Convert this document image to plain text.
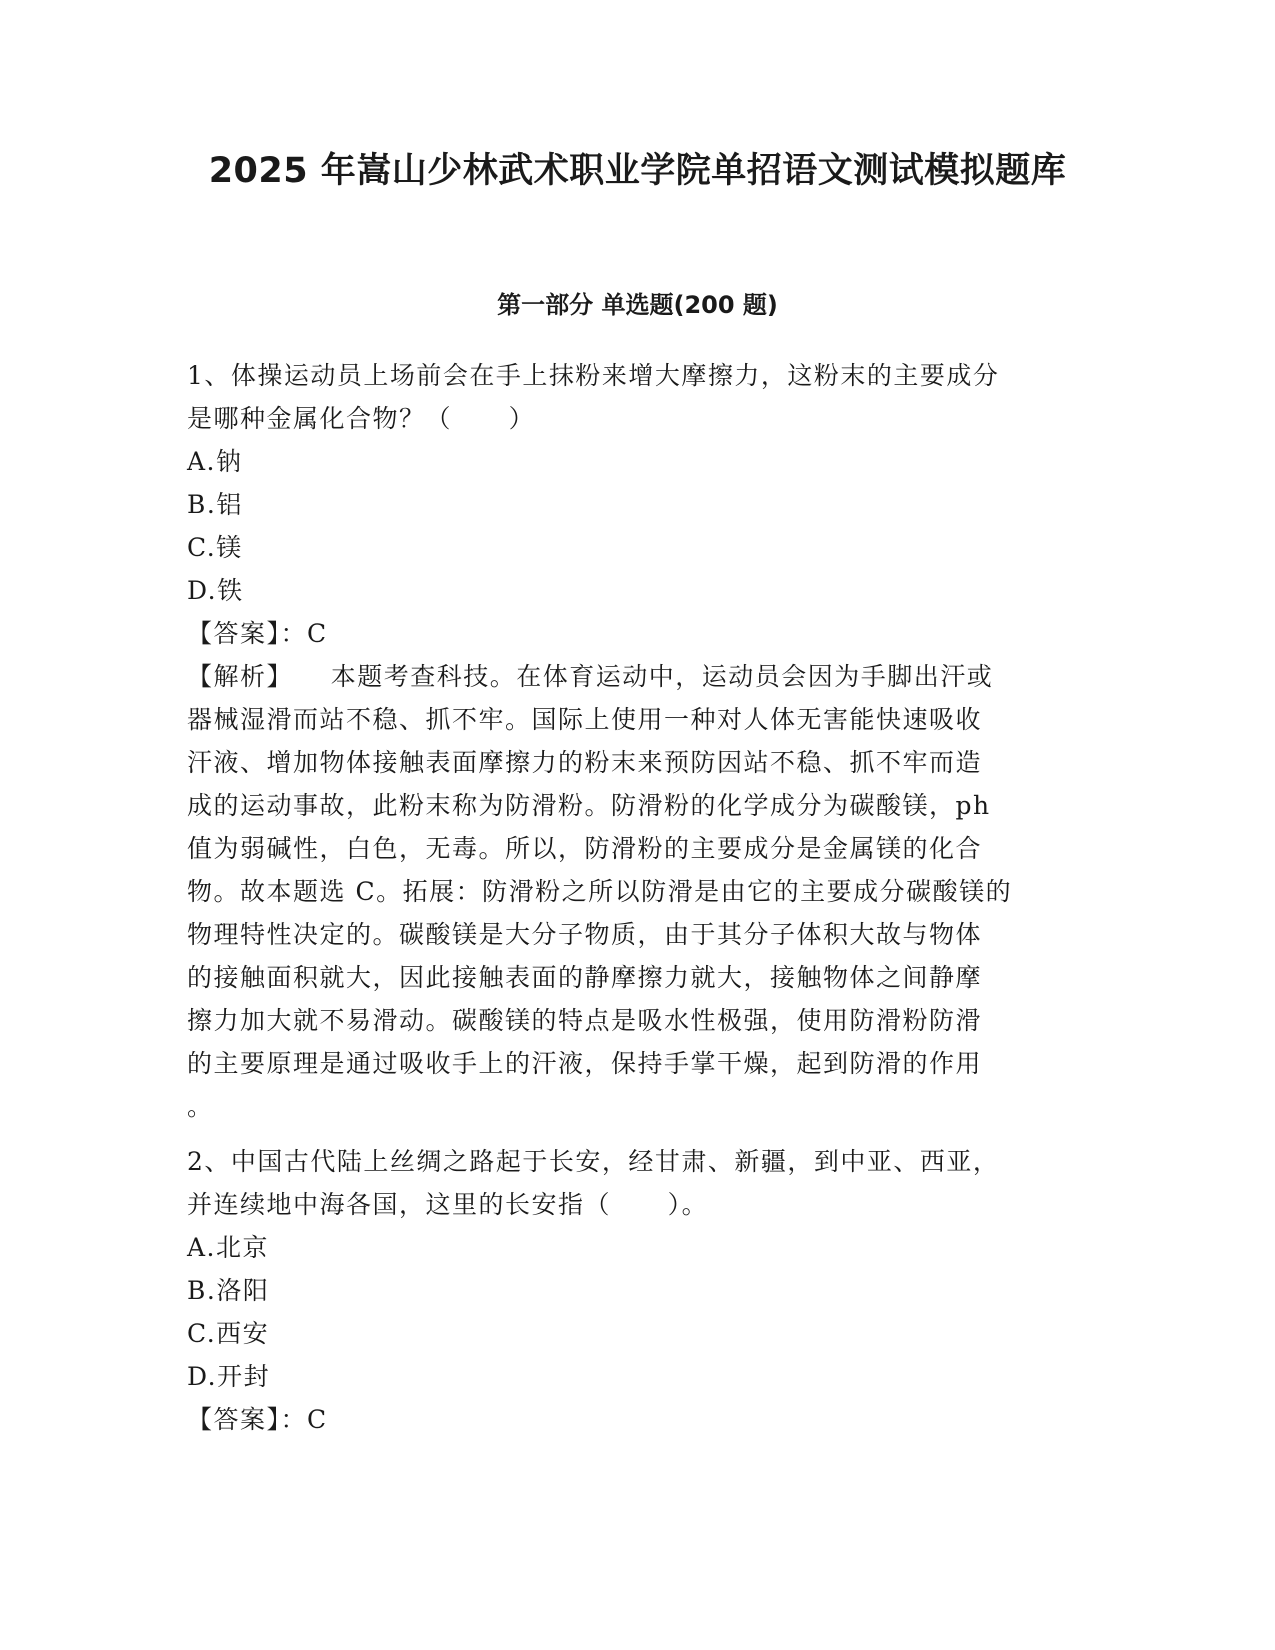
2025 年嵩山少林武术职业学院单招语文测试模拟题库
第一部分 单选题(200 题)
1、体操运动员上场前会在手上抹粉来增大摩擦力，这粉末的主要成分
是哪种金属化合物？（      ）
A.钠
B.铝
C.镁
D.铁
【答案】：C
【解析】    本题考查科技。在体育运动中，运动员会因为手脚出汗或
器械湿滑而站不稳、抓不牢。国际上使用一种对人体无害能快速吸收
汗液、增加物体接触表面摩擦力的粉末来预防因站不稳、抓不牢而造
成的运动事故，此粉末称为防滑粉。防滑粉的化学成分为碳酸镁，ph
值为弱碱性，白色，无毒。所以，防滑粉的主要成分是金属镁的化合
物。故本题选 C。拓展：防滑粉之所以防滑是由它的主要成分碳酸镁的
物理特性决定的。碳酸镁是大分子物质，由于其分子体积大故与物体
的接触面积就大，因此接触表面的静摩擦力就大，接触物体之间静摩
擦力加大就不易滑动。碳酸镁的特点是吸水性极强，使用防滑粉防滑
的主要原理是通过吸收手上的汗液，保持手掌干燥，起到防滑的作用
。
2、中国古代陆上丝绸之路起于长安，经甘肃、新疆，到中亚、西亚，
并连续地中海各国，这里的长安指（      ）。
A.北京
B.洛阳
C.西安
D.开封
【答案】：C
